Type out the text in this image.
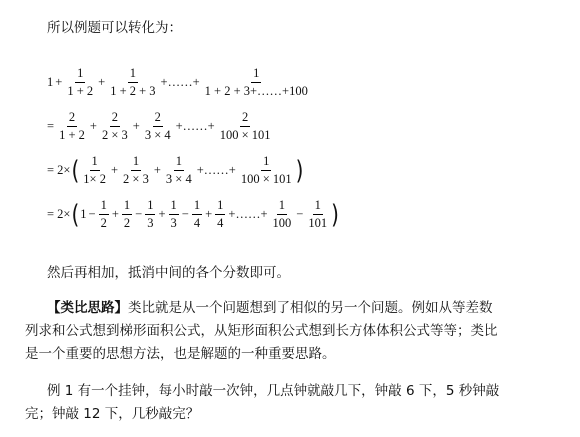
所以例题可以转化为：
$1 + \frac{1}{1 + 2} + \frac{1}{1 + 2 + 3}$ +……+ $\frac{1}{1 + 2 + 3+\dots\dots+100}$
= $\frac{2}{1 + 2} + \frac{2}{2 \times 3} + \frac{2}{3 \times 4}$ +……+ $\frac{2}{100 \times 101}$
= 2× ( $\frac{1}{1\times 2} + \frac{1}{2 \times 3} + \frac{1}{3 \times 4}$ +……+ $\frac{1}{100 \times 101}$ )
= 2× ( $1 - \frac{1}{2} + \frac{1}{2} - \frac{1}{3} + \frac{1}{3} - \frac{1}{4} + \frac{1}{4}$ +……+ $\frac{1}{100} - \frac{1}{101}$ )
然后再相加，抵消中间的各个分数即可。
【类比思路】类比就是从一个问题想到了相似的另一个问题。例如从等差数
列求和公式想到梯形面积公式，从矩形面积公式想到长方体体积公式等等；类比
是一个重要的思想方法，也是解题的一种重要思路。
例 1 有一个挂钟，每小时敲一次钟，几点钟就敲几下，钟敲 6 下，5 秒钟敲
完；钟敲 12 下，几秒敲完？
